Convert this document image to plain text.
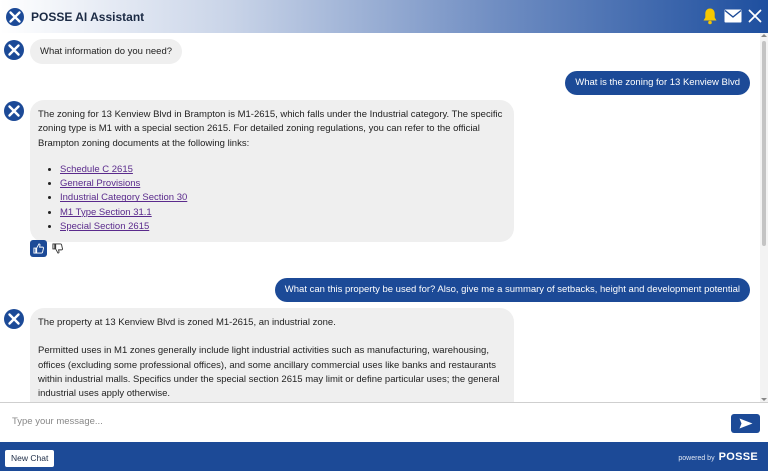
POSSE AI Assistant
What information do you need?
What is the zoning for 13 Kenview Blvd

The zoning for 13 Kenview Blvd in Brampton is M1-2615, which falls under the Industrial category. The specific zoning type is M1 with a special section 2615. For detailed zoning regulations, you can refer to the official Brampton zoning documents at the following links:

• Schedule C 2615
• General Provisions
• Industrial Category Section 30
• M1 Type Section 31.1
• Special Section 2615
What can this property be used for? Also, give me a summary of setbacks, height and development potential

The property at 13 Kenview Blvd is zoned M1-2615, an industrial zone.

Permitted uses in M1 zones generally include light industrial activities such as manufacturing, warehousing, offices (excluding some professional offices), and some ancillary commercial uses like banks and restaurants within industrial malls. Specifics under the special section 2615 may limit or define particular uses; the general industrial uses apply otherwise.

Type your message...
New Chat	powered by POSSE
